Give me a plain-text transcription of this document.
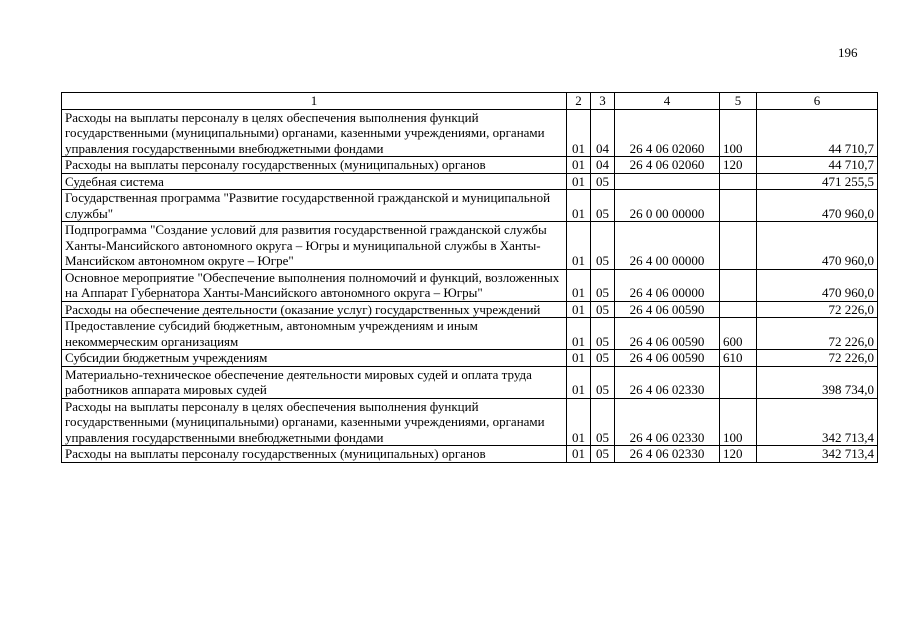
196
1	2	3	4	5	6
Расходы на выплаты персоналу в целях обеспечения выполнения функций государственными (муниципальными) органами, казенными учреждениями, органами управления государственными внебюджетными фондами	01	04	26 4 06 02060	100	44 710,7
Расходы на выплаты персоналу государственных (муниципальных) органов	01	04	26 4 06 02060	120	44 710,7
Судебная система	01	05			471 255,5
Государственная программа "Развитие государственной гражданской и муниципальной службы"	01	05	26 0 00 00000		470 960,0
Подпрограмма "Создание условий для развития государственной гражданской службы Ханты-Мансийского автономного округа – Югры и муниципальной службы в Ханты-Мансийском автономном округе – Югре"	01	05	26 4 00 00000		470 960,0
Основное мероприятие "Обеспечение выполнения полномочий и функций, возложенных на Аппарат Губернатора Ханты-Мансийского автономного округа – Югры"	01	05	26 4 06 00000		470 960,0
Расходы на обеспечение деятельности (оказание услуг) государственных учреждений	01	05	26 4 06 00590		72 226,0
Предоставление субсидий бюджетным, автономным учреждениям и иным некоммерческим организациям	01	05	26 4 06 00590	600	72 226,0
Субсидии бюджетным учреждениям	01	05	26 4 06 00590	610	72 226,0
Материально-техническое обеспечение деятельности мировых судей и оплата труда работников аппарата мировых судей	01	05	26 4 06 02330		398 734,0
Расходы на выплаты персоналу в целях обеспечения выполнения функций государственными (муниципальными) органами, казенными учреждениями, органами управления государственными внебюджетными фондами	01	05	26 4 06 02330	100	342 713,4
Расходы на выплаты персоналу государственных (муниципальных) органов	01	05	26 4 06 02330	120	342 713,4
